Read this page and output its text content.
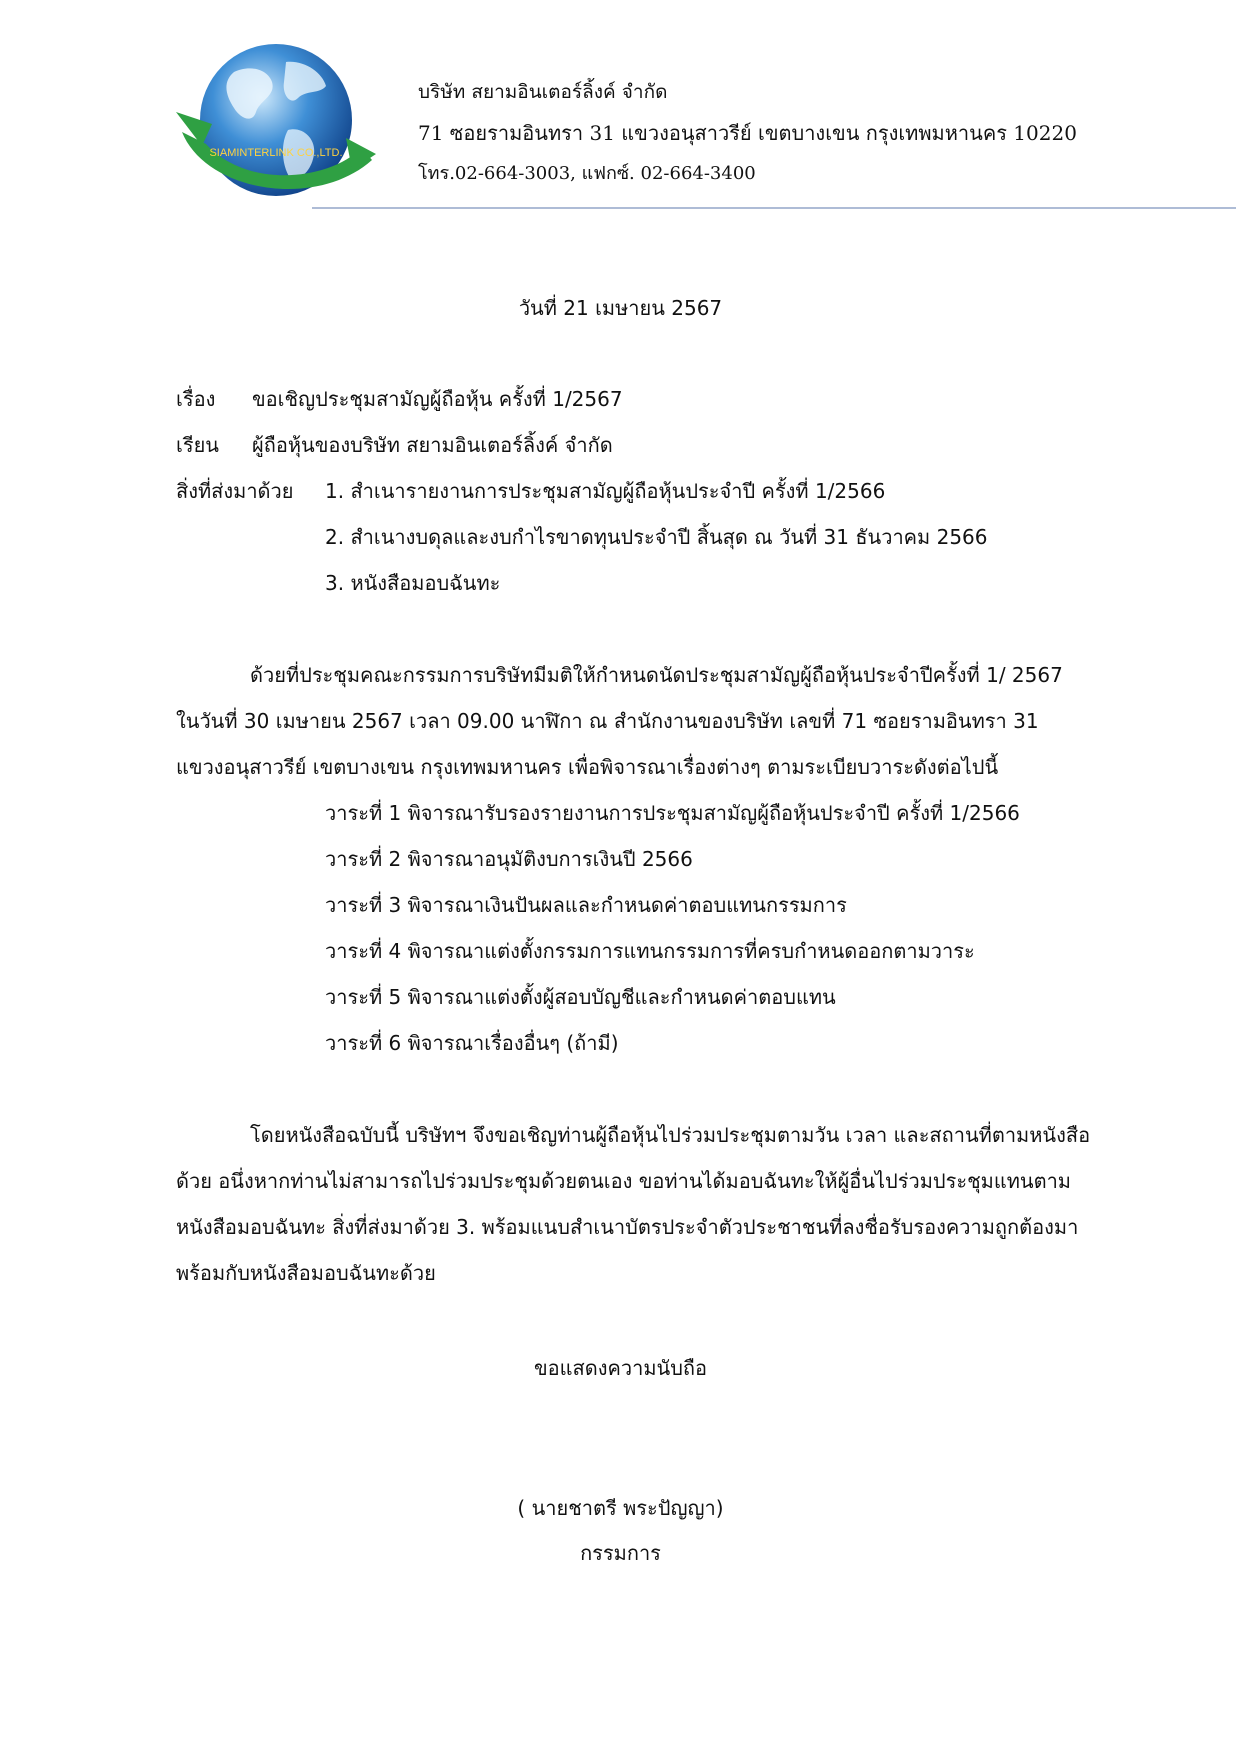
SIAMINTERLINK CO.,LTD.
บริษัท สยามอินเตอร์ลิ้งค์ จำกัด
71 ซอยรามอินทรา 31 แขวงอนุสาวรีย์ เขตบางเขน กรุงเทพมหานคร 10220
โทร.02-664-3003, แฟกซ์. 02-664-3400
วันที่ 21 เมษายน 2567
เรื่อง ขอเชิญประชุมสามัญผู้ถือหุ้น ครั้งที่ 1/2567
เรียน ผู้ถือหุ้นของบริษัท สยามอินเตอร์ลิ้งค์ จำกัด
สิ่งที่ส่งมาด้วย 1. สำเนารายงานการประชุมสามัญผู้ถือหุ้นประจำปี ครั้งที่ 1/2566
2. สำเนางบดุลและงบกำไรขาดทุนประจำปี สิ้นสุด ณ วันที่ 31 ธันวาคม 2566
3. หนังสือมอบฉันทะ
ด้วยที่ประชุมคณะกรรมการบริษัทมีมติให้กำหนดนัดประชุมสามัญผู้ถือหุ้นประจำปีครั้งที่ 1/ 2567
ในวันที่ 30 เมษายน 2567 เวลา 09.00 นาฬิกา ณ สำนักงานของบริษัท เลขที่ 71 ซอยรามอินทรา 31
แขวงอนุสาวรีย์ เขตบางเขน กรุงเทพมหานคร เพื่อพิจารณาเรื่องต่างๆ ตามระเบียบวาระดังต่อไปนี้
วาระที่ 1 พิจารณารับรองรายงานการประชุมสามัญผู้ถือหุ้นประจำปี ครั้งที่ 1/2566
วาระที่ 2 พิจารณาอนุมัติงบการเงินปี 2566
วาระที่ 3 พิจารณาเงินปันผลและกำหนดค่าตอบแทนกรรมการ
วาระที่ 4 พิจารณาแต่งตั้งกรรมการแทนกรรมการที่ครบกำหนดออกตามวาระ
วาระที่ 5 พิจารณาแต่งตั้งผู้สอบบัญชีและกำหนดค่าตอบแทน
วาระที่ 6 พิจารณาเรื่องอื่นๆ (ถ้ามี)
โดยหนังสือฉบับนี้ บริษัทฯ จึงขอเชิญท่านผู้ถือหุ้นไปร่วมประชุมตามวัน เวลา และสถานที่ตามหนังสือ
ด้วย อนึ่งหากท่านไม่สามารถไปร่วมประชุมด้วยตนเอง ขอท่านได้มอบฉันทะให้ผู้อื่นไปร่วมประชุมแทนตาม
หนังสือมอบฉันทะ สิ่งที่ส่งมาด้วย 3. พร้อมแนบสำเนาบัตรประจำตัวประชาชนที่ลงชื่อรับรองความถูกต้องมา
พร้อมกับหนังสือมอบฉันทะด้วย
ขอแสดงความนับถือ
( นายชาตรี พระปัญญา)
กรรมการ
